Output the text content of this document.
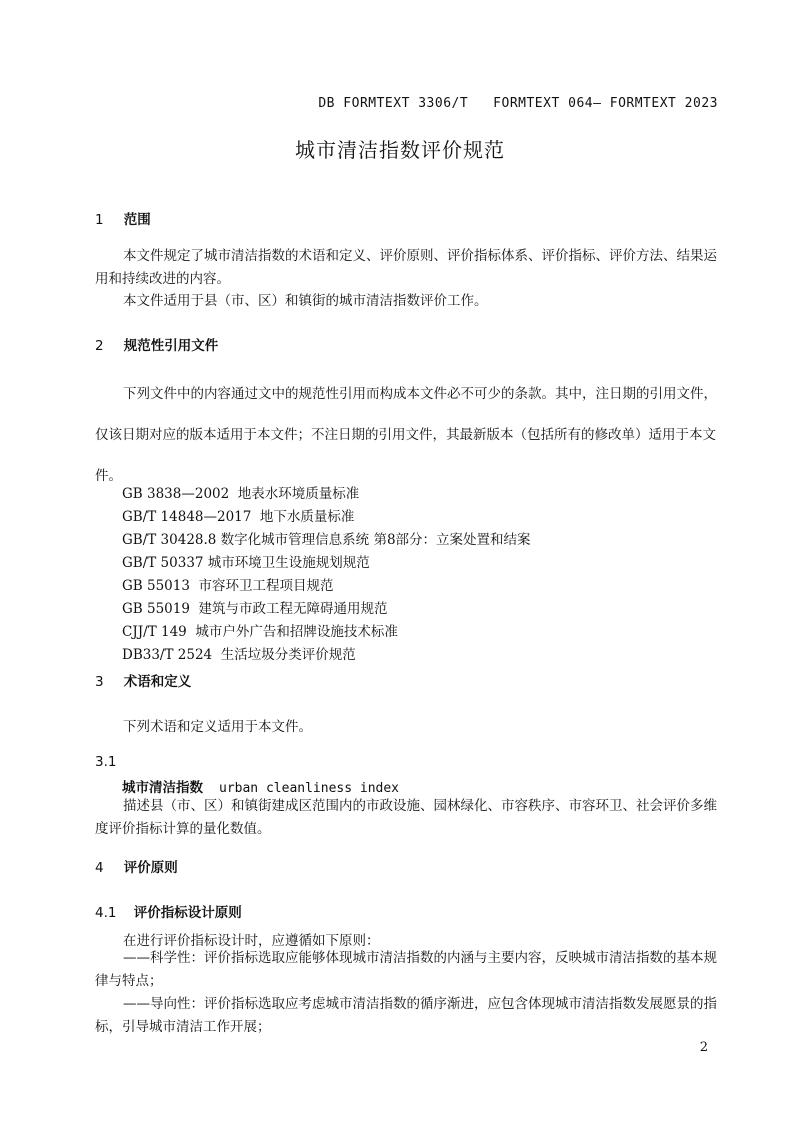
DB FORMTEXT 3306/T   FORMTEXT 064— FORMTEXT 2023
城市清洁指数评价规范
1 范围
本文件规定了城市清洁指数的术语和定义、评价原则、评价指标体系、评价指标、评价方法、结果运用和持续改进的内容。
本文件适用于县（市、区）和镇街的城市清洁指数评价工作。
2 规范性引用文件
下列文件中的内容通过文中的规范性引用而构成本文件必不可少的条款。其中，注日期的引用文件，仅该日期对应的版本适用于本文件；不注日期的引用文件，其最新版本（包括所有的修改单）适用于本文件。
GB 3838—2002  地表水环境质量标准
GB/T 14848—2017  地下水质量标准
GB/T 30428.8 数字化城市管理信息系统 第8部分：立案处置和结案
GB/T 50337 城市环境卫生设施规划规范
GB 55013  市容环卫工程项目规范
GB 55019  建筑与市政工程无障碍通用规范
CJJ/T 149  城市户外广告和招牌设施技术标准
DB33/T 2524  生活垃圾分类评价规范
3 术语和定义
下列术语和定义适用于本文件。
3.1
城市清洁指数 urban cleanliness index
描述县（市、区）和镇街建成区范围内的市政设施、园林绿化、市容秩序、市容环卫、社会评价多维度评价指标计算的量化数值。
4 评价原则
4.1 评价指标设计原则
在进行评价指标设计时，应遵循如下原则：
——科学性：评价指标选取应能够体现城市清洁指数的内涵与主要内容，反映城市清洁指数的基本规律与特点；
——导向性：评价指标选取应考虑城市清洁指数的循序渐进，应包含体现城市清洁指数发展愿景的指标，引导城市清洁工作开展；
2
